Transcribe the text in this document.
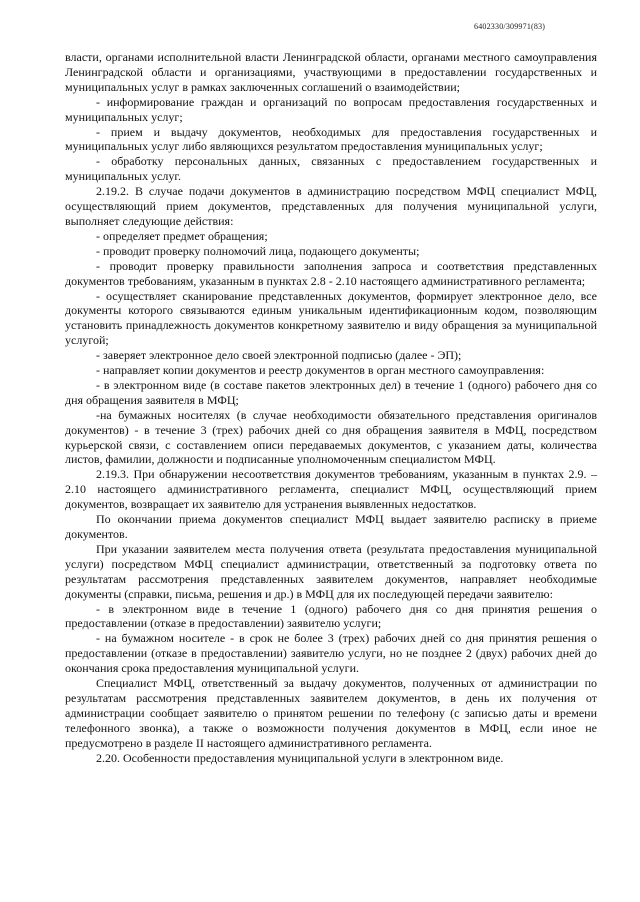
6402330/309971(83)

власти, органами исполнительной власти Ленинградской области, органами местного самоуправления Ленинградской области и организациями, участвующими в предоставлении государственных и муниципальных услуг в рамках заключенных соглашений о взаимодействии;

- информирование граждан и организаций по вопросам предоставления государственных и муниципальных услуг;

- прием и выдачу документов, необходимых для предоставления государственных и муниципальных услуг либо являющихся результатом предоставления муниципальных услуг;

- обработку персональных данных, связанных с предоставлением государственных и муниципальных услуг.

2.19.2. В случае подачи документов в администрацию посредством МФЦ специалист МФЦ, осуществляющий прием документов, представленных для получения муниципальной услуги, выполняет следующие действия:

- определяет предмет обращения;

- проводит проверку полномочий лица, подающего документы;

- проводит проверку правильности заполнения запроса и соответствия представленных документов требованиям, указанным в пунктах 2.8 - 2.10 настоящего административного регламента;

- осуществляет сканирование представленных документов, формирует электронное дело, все документы которого связываются единым уникальным идентификационным кодом, позволяющим установить принадлежность документов конкретному заявителю и виду обращения за муниципальной услугой;

- заверяет электронное дело своей электронной подписью (далее - ЭП);

- направляет копии документов и реестр документов в орган местного самоуправления:

- в электронном виде (в составе пакетов электронных дел) в течение 1 (одного) рабочего дня со дня обращения заявителя в МФЦ;

-на бумажных носителях (в случае необходимости обязательного представления оригиналов документов) - в течение 3 (трех) рабочих дней со дня обращения заявителя в МФЦ, посредством курьерской связи, с составлением описи передаваемых документов, с указанием даты, количества листов, фамилии, должности и подписанные уполномоченным специалистом МФЦ.

2.19.3. При обнаружении несоответствия документов требованиям, указанным в пунктах 2.9. – 2.10 настоящего административного регламента, специалист МФЦ, осуществляющий прием документов, возвращает их заявителю для устранения выявленных недостатков.

По окончании приема документов специалист МФЦ выдает заявителю расписку в приеме документов.

При указании заявителем места получения ответа (результата предоставления муниципальной услуги) посредством МФЦ специалист администрации, ответственный за подготовку ответа по результатам рассмотрения представленных заявителем документов, направляет необходимые документы (справки, письма, решения и др.) в МФЦ для их последующей передачи заявителю:

- в электронном виде в течение 1 (одного) рабочего дня со дня принятия решения о предоставлении (отказе в предоставлении) заявителю услуги;

- на бумажном носителе - в срок не более 3 (трех) рабочих дней со дня принятия решения о предоставлении (отказе в предоставлении) заявителю услуги, но не позднее 2 (двух) рабочих дней до окончания срока предоставления муниципальной услуги.

Специалист МФЦ, ответственный за выдачу документов, полученных от администрации по результатам рассмотрения представленных заявителем документов, в день их получения от администрации сообщает заявителю о принятом решении по телефону (с записью даты и времени телефонного звонка), а также о возможности получения документов в МФЦ, если иное не предусмотрено в разделе II настоящего административного регламента.

2.20. Особенности предоставления муниципальной услуги в электронном виде.
